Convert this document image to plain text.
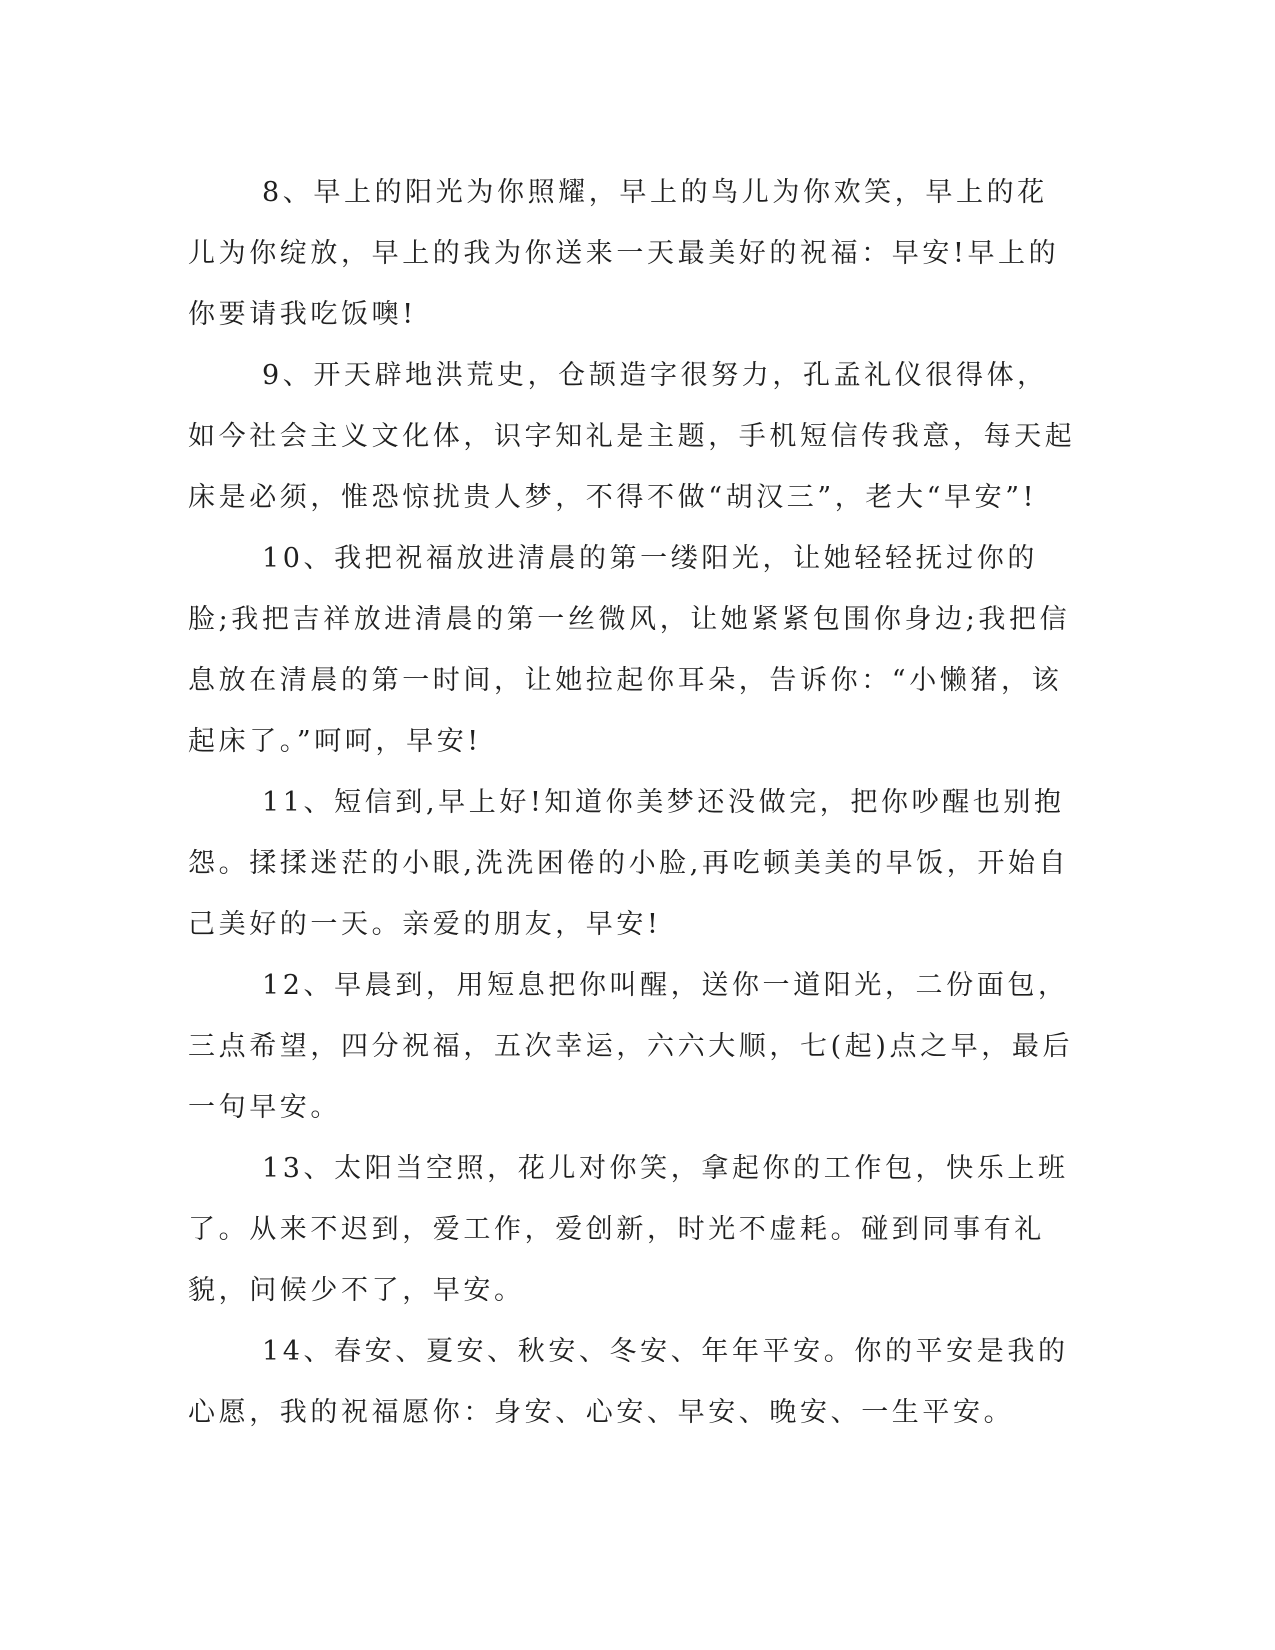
8、早上的阳光为你照耀，早上的鸟儿为你欢笑，早上的花儿为你绽放，早上的我为你送来一天最美好的祝福：早安!早上的你要请我吃饭噢!

9、开天辟地洪荒史，仓颉造字很努力，孔孟礼仪很得体，如今社会主义文化体，识字知礼是主题，手机短信传我意，每天起床是必须，惟恐惊扰贵人梦，不得不做“胡汉三”，老大“早安”!

10、我把祝福放进清晨的第一缕阳光，让她轻轻抚过你的脸;我把吉祥放进清晨的第一丝微风，让她紧紧包围你身边;我把信息放在清晨的第一时间，让她拉起你耳朵，告诉你：“小懒猪，该起床了。”呵呵，早安!

11、短信到,早上好!知道你美梦还没做完，把你吵醒也别抱怨。揉揉迷茫的小眼,洗洗困倦的小脸,再吃顿美美的早饭，开始自己美好的一天。亲爱的朋友，早安!

12、早晨到，用短息把你叫醒，送你一道阳光，二份面包，三点希望，四分祝福，五次幸运，六六大顺，七(起)点之早，最后一句早安。

13、太阳当空照，花儿对你笑，拿起你的工作包，快乐上班了。从来不迟到，爱工作，爱创新，时光不虚耗。碰到同事有礼貌，问候少不了，早安。

14、春安、夏安、秋安、冬安、年年平安。你的平安是我的心愿，我的祝福愿你：身安、心安、早安、晚安、一生平安。
